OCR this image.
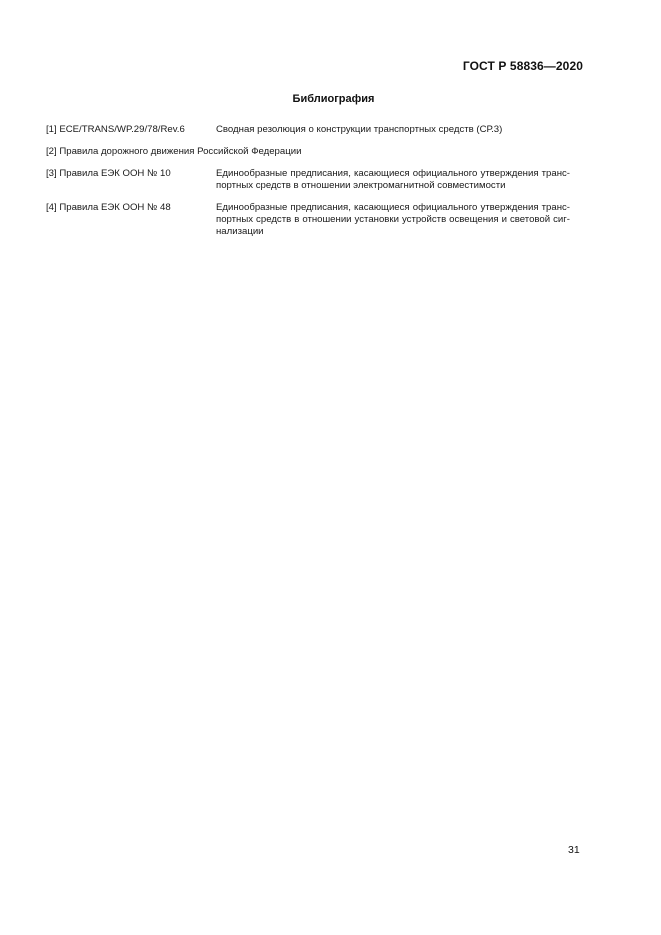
ГОСТ Р 58836—2020
Библиография
[1] ECE/TRANS/WP.29/78/Rev.6	Сводная резолюция о конструкции транспортных средств (СР.3)
[2] Правила дорожного движения Российской Федерации
[3] Правила ЕЭК ООН № 10	Единообразные предписания, касающиеся официального утверждения транспортных средств в отношении электромагнитной совместимости
[4] Правила ЕЭК ООН № 48	Единообразные предписания, касающиеся официального утверждения транспортных средств в отношении установки устройств освещения и световой сигнализации
31
